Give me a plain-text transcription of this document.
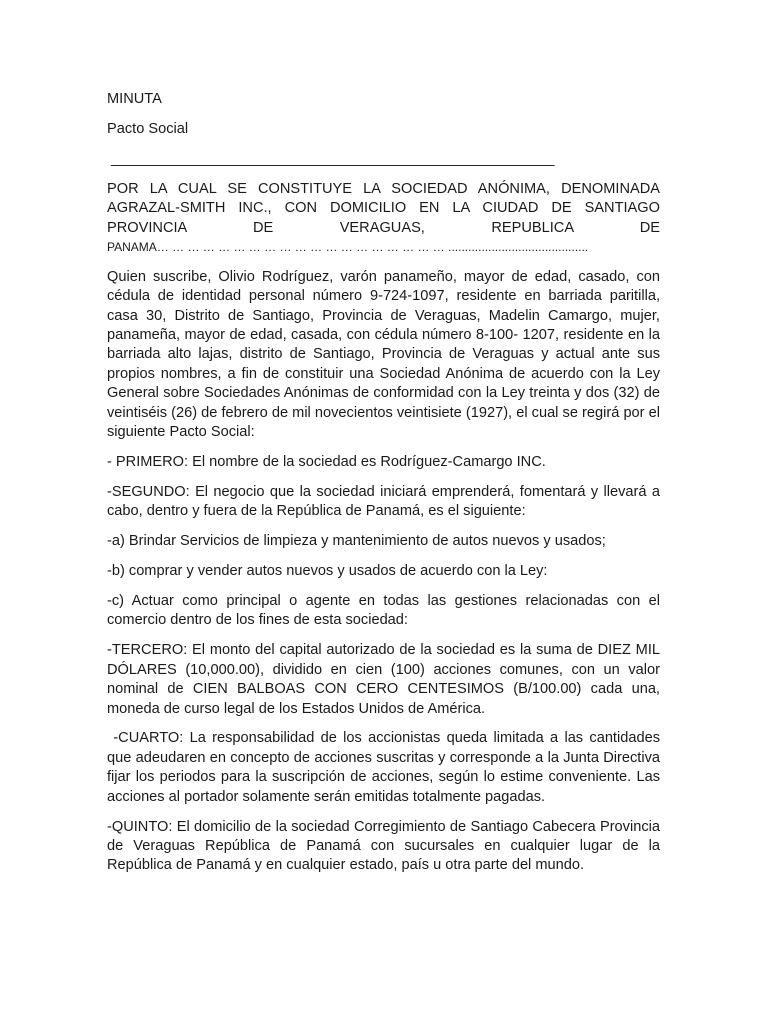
MINUTA

Pacto Social

________________________________________________________

POR LA CUAL SE CONSTITUYE LA SOCIEDAD ANÓNIMA, DENOMINADA

AGRAZAL-SMITH INC., CON DOMICILIO EN LA CIUDAD DE SANTIAGO

PROVINCIA DE VERAGUAS, REPUBLICA DE

PANAMA… … … … … … … … … … … … … … … … … … … ..........................................

Quien suscribe, Olivio Rodríguez, varón panameño, mayor de edad, casado, con cédula de identidad personal número 9-724-1097, residente en barriada paritilla, casa 30, Distrito de Santiago, Provincia de Veraguas, Madelin Camargo, mujer, panameña, mayor de edad, casada, con cédula número 8-100- 1207, residente en la barriada alto lajas, distrito de Santiago, Provincia de Veraguas y actual ante sus propios nombres, a fin de constituir una Sociedad Anónima de acuerdo con la Ley General sobre Sociedades Anónimas de conformidad con la Ley treinta y dos (32) de veintiséis (26) de febrero de mil novecientos veintisiete (1927), el cual se regirá por el siguiente Pacto Social:

- PRIMERO: El nombre de la sociedad es Rodríguez-Camargo INC.

-SEGUNDO: El negocio que la sociedad iniciará emprenderá, fomentará y llevará a cabo, dentro y fuera de la República de Panamá, es el siguiente:

-a) Brindar Servicios de limpieza y mantenimiento de autos nuevos y usados;

-b) comprar y vender autos nuevos y usados de acuerdo con la Ley:

-c) Actuar como principal o agente en todas las gestiones relacionadas con el comercio dentro de los fines de esta sociedad:

-TERCERO: El monto del capital autorizado de la sociedad es la suma de DIEZ MIL DÓLARES (10,000.00), dividido en cien (100) acciones comunes, con un valor nominal de CIEN BALBOAS CON CERO CENTESIMOS (B/100.00) cada una, moneda de curso legal de los Estados Unidos de América.

-CUARTO: La responsabilidad de los accionistas queda limitada a las cantidades que adeudaren en concepto de acciones suscritas y corresponde a la Junta Directiva fijar los periodos para la suscripción de acciones, según lo estime conveniente. Las acciones al portador solamente serán emitidas totalmente pagadas.

-QUINTO: El domicilio de la sociedad Corregimiento de Santiago Cabecera Provincia de Veraguas República de Panamá con sucursales en cualquier lugar de la República de Panamá y en cualquier estado, país u otra parte del mundo.
